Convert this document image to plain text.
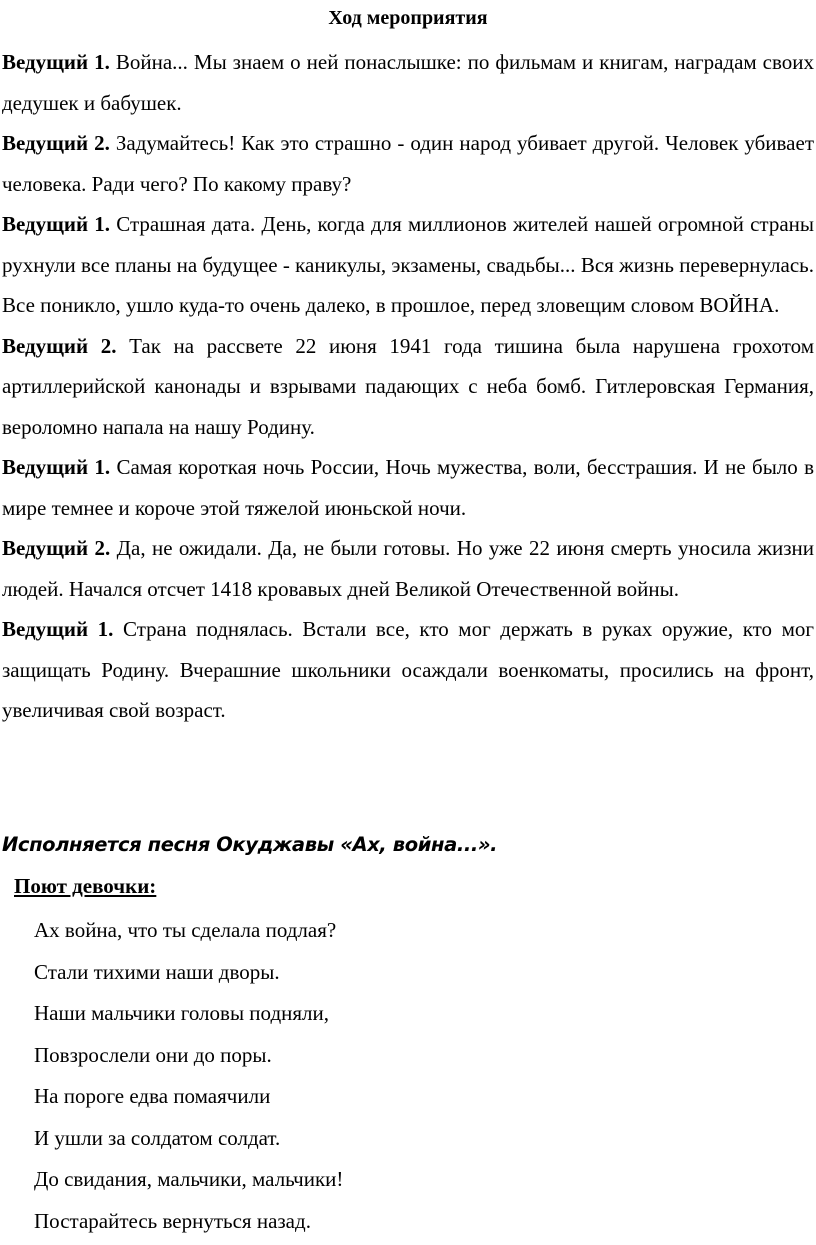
Ход мероприятия

Ведущий 1. Война... Мы знаем о ней понаслышке: по фильмам и книгам, наградам своих дедушек и бабушек.

Ведущий 2. Задумайтесь! Как это страшно - один народ убивает другой. Человек убивает человека. Ради чего? По какому праву?

Ведущий 1. Страшная дата. День, когда для миллионов жителей нашей огромной страны рухнули все планы на будущее - каникулы, экзамены, свадьбы... Вся жизнь перевернулась. Все поникло, ушло куда-то очень далеко, в прошлое, перед зловещим словом ВОЙНА.

Ведущий 2. Так на рассвете 22 июня 1941 года тишина была нарушена грохотом артиллерийской канонады и взрывами падающих с неба бомб. Гитлеровская Германия, вероломно напала на нашу Родину.

Ведущий 1. Самая короткая ночь России, Ночь мужества, воли, бесстрашия. И не было в мире темнее и короче этой тяжелой июньской ночи.

Ведущий 2. Да, не ожидали. Да, не были готовы. Но уже 22 июня смерть уносила жизни людей. Начался отсчет 1418 кровавых дней Великой Отечественной войны.

Ведущий 1. Страна поднялась. Встали все, кто мог держать в руках оружие, кто мог защищать Родину. Вчерашние школьники осаждали военкоматы, просились на фронт, увеличивая свой возраст.

Исполняется песня Окуджавы «Ах, война...».
Поют девочки:
Ах война, что ты сделала подлая?
Стали тихими наши дворы.
Наши мальчики головы подняли,
Повзрослели они до поры.
На пороге едва помаячили
И ушли за солдатом солдат.
До свидания, мальчики, мальчики!
Постарайтесь вернуться назад.
